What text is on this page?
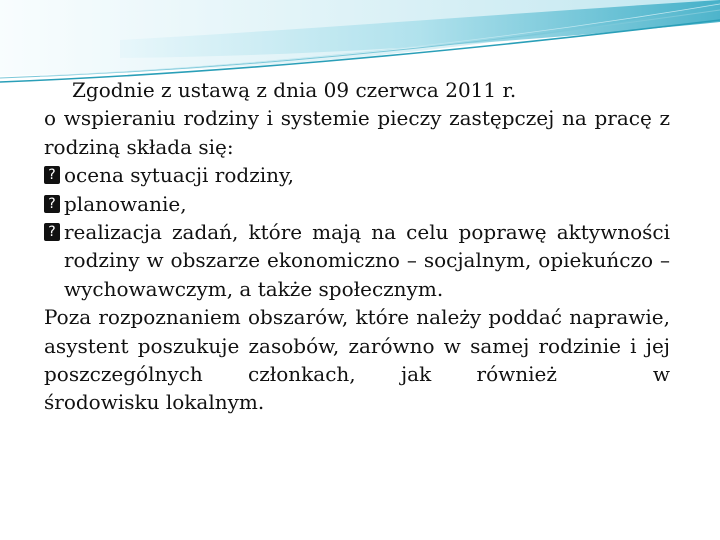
Zgodnie z ustawą z dnia 09 czerwca 2011 r.
o wspieraniu rodziny i systemie pieczy zastępczej na pracę z rodziną składa się:

? ocena sytuacji rodziny,
? planowanie,
? realizacja zadań, które mają na celu poprawę aktywności rodziny w obszarze ekonomiczno – socjalnym, opiekuńczo – wychowawczym, a także społecznym.

Poza rozpoznaniem obszarów, które należy poddać naprawie, asystent poszukuje zasobów, zarówno w samej rodzinie i jej poszczególnych członkach, jak również	w środowisku lokalnym.
